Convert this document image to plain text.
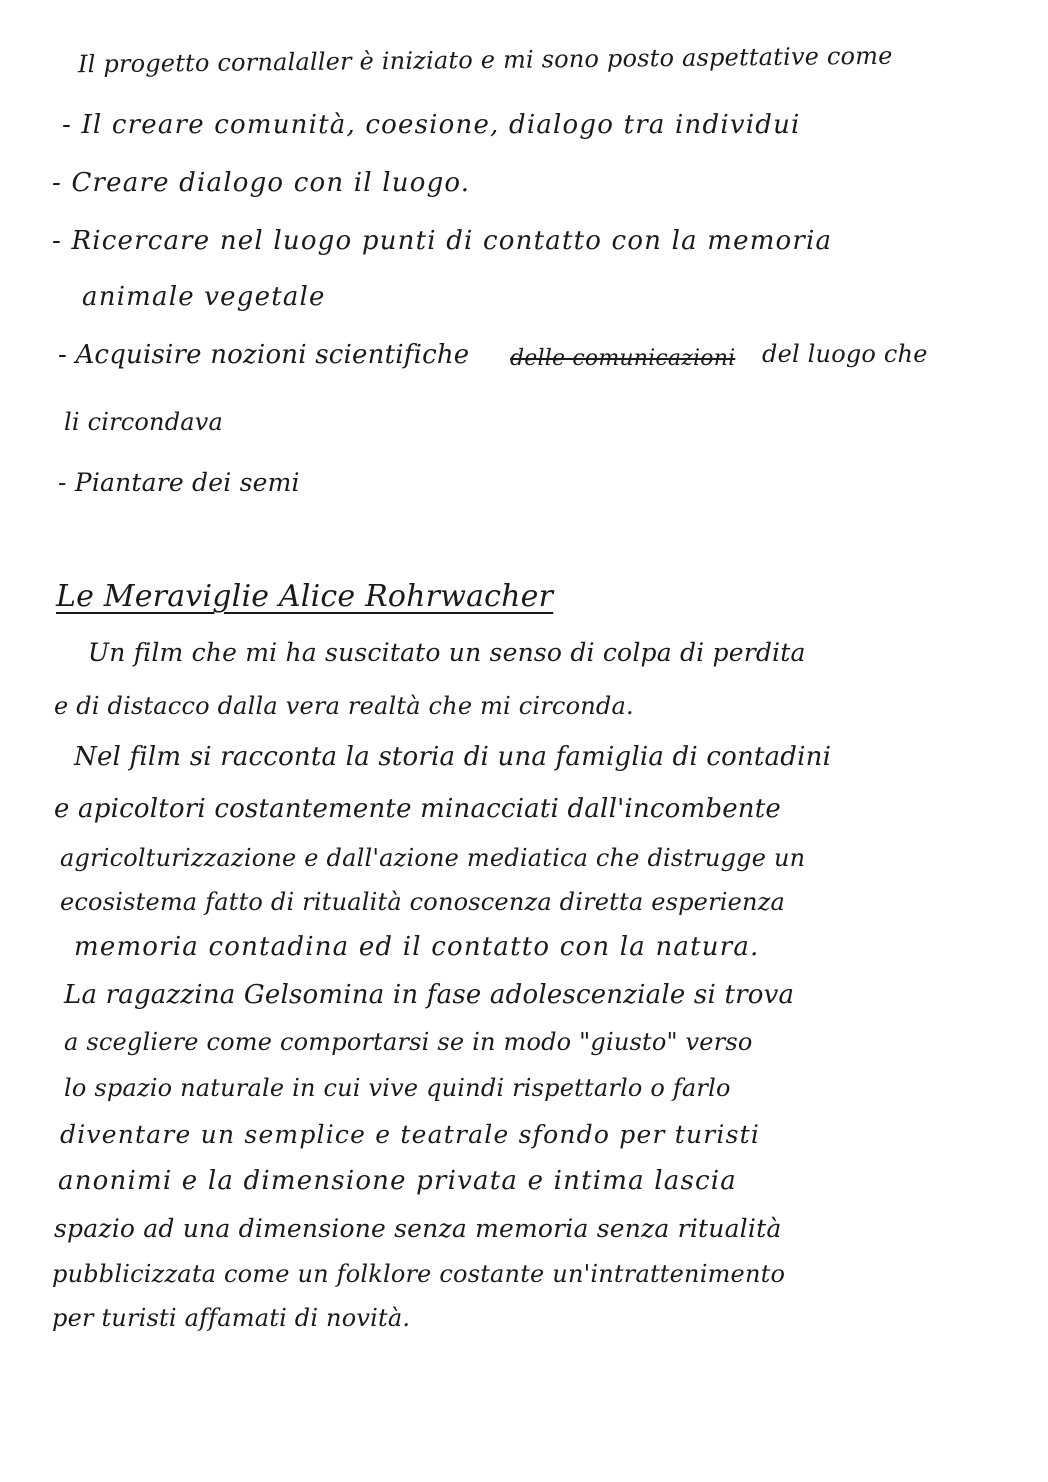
Il progetto cornalaller è iniziato e mi sono posto aspettative come
- Il creare comunità, coesione, dialogo tra individui
- Creare dialogo con il luogo.
- Ricercare nel luogo punti di contatto con la memoria
animale vegetale
- Acquisire nozioni scientifiche delle comunicazioni del luogo che
li circondava
- Piantare dei semi
Le Meraviglie Alice Rohrwacher
Un film che mi ha suscitato un senso di colpa di perdita
e di distacco dalla vera realtà che mi circonda.
Nel film si racconta la storia di una famiglia di contadini
e apicoltori costantemente minacciati dall'incombente
agricolturizzazione e dall'azione mediatica che distrugge un
ecosistema fatto di ritualità conoscenza diretta esperienza
memoria contadina ed il contatto con la natura.
La ragazzina Gelsomina in fase adolescenziale si trova
a scegliere come comportarsi se in modo "giusto" verso
lo spazio naturale in cui vive quindi rispettarlo o farlo
diventare un semplice e teatrale sfondo per turisti
anonimi e la dimensione privata e intima lascia
spazio ad una dimensione senza memoria senza ritualità
pubblicizzata come un folklore costante un'intrattenimento
per turisti affamati di novità.
